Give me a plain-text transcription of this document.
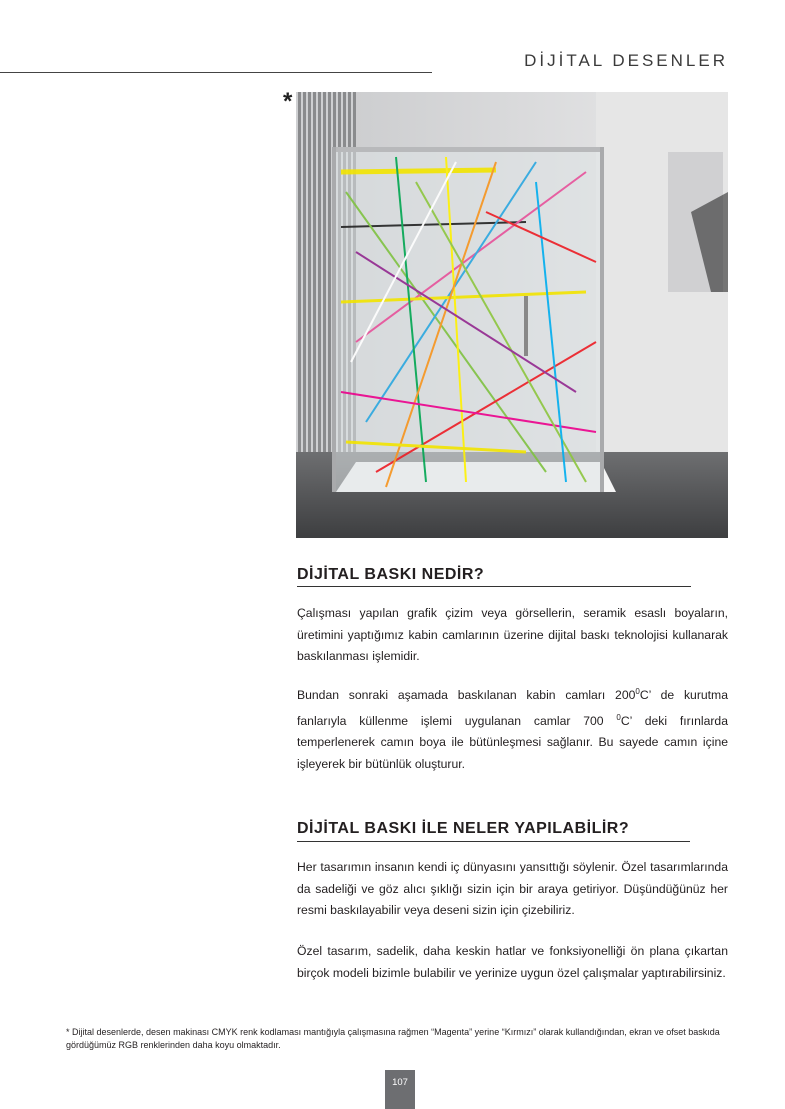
DİJİTAL DESENLER
*
DİJİTAL BASKI NEDİR?

Çalışması yapılan grafik çizim veya görsellerin, seramik esaslı boyaların, üretimini yaptığımız kabin camlarının üzerine dijital baskı teknolojisi kullanarak baskılanması işlemidir.

Bundan sonraki aşamada baskılanan kabin camları $200^0C$’ de kurutma fanlarıyla küllenme işlemi uygulanan camlar 700 $^0$C’ deki fırınlarda temperlenerek camın boya ile bütünleşmesi sağlanır. Bu sayede camın içine işleyerek bir bütünlük oluşturur.

DİJİTAL BASKI İLE NELER YAPILABİLİR?

Her tasarımın insanın kendi iç dünyasını yansıttığı söylenir. Özel tasarımlarında da sadeliği ve göz alıcı şıklığı sizin için bir araya getiriyor. Düşündüğünüz her resmi baskılayabilir veya deseni sizin için çizebiliriz.

Özel tasarım, sadelik, daha keskin hatlar ve fonksiyonelliği ön plana çıkartan birçok modeli bizimle bulabilir ve yerinize uygun özel çalışmalar yaptırabilirsiniz.

* Dijital desenlerde, desen makinası CMYK renk kodlaması mantığıyla çalışmasına rağmen “Magenta” yerine “Kırmızı” olarak kullandığından, ekran ve ofset baskıda gördüğümüz RGB renklerinden daha koyu olmaktadır.

107
